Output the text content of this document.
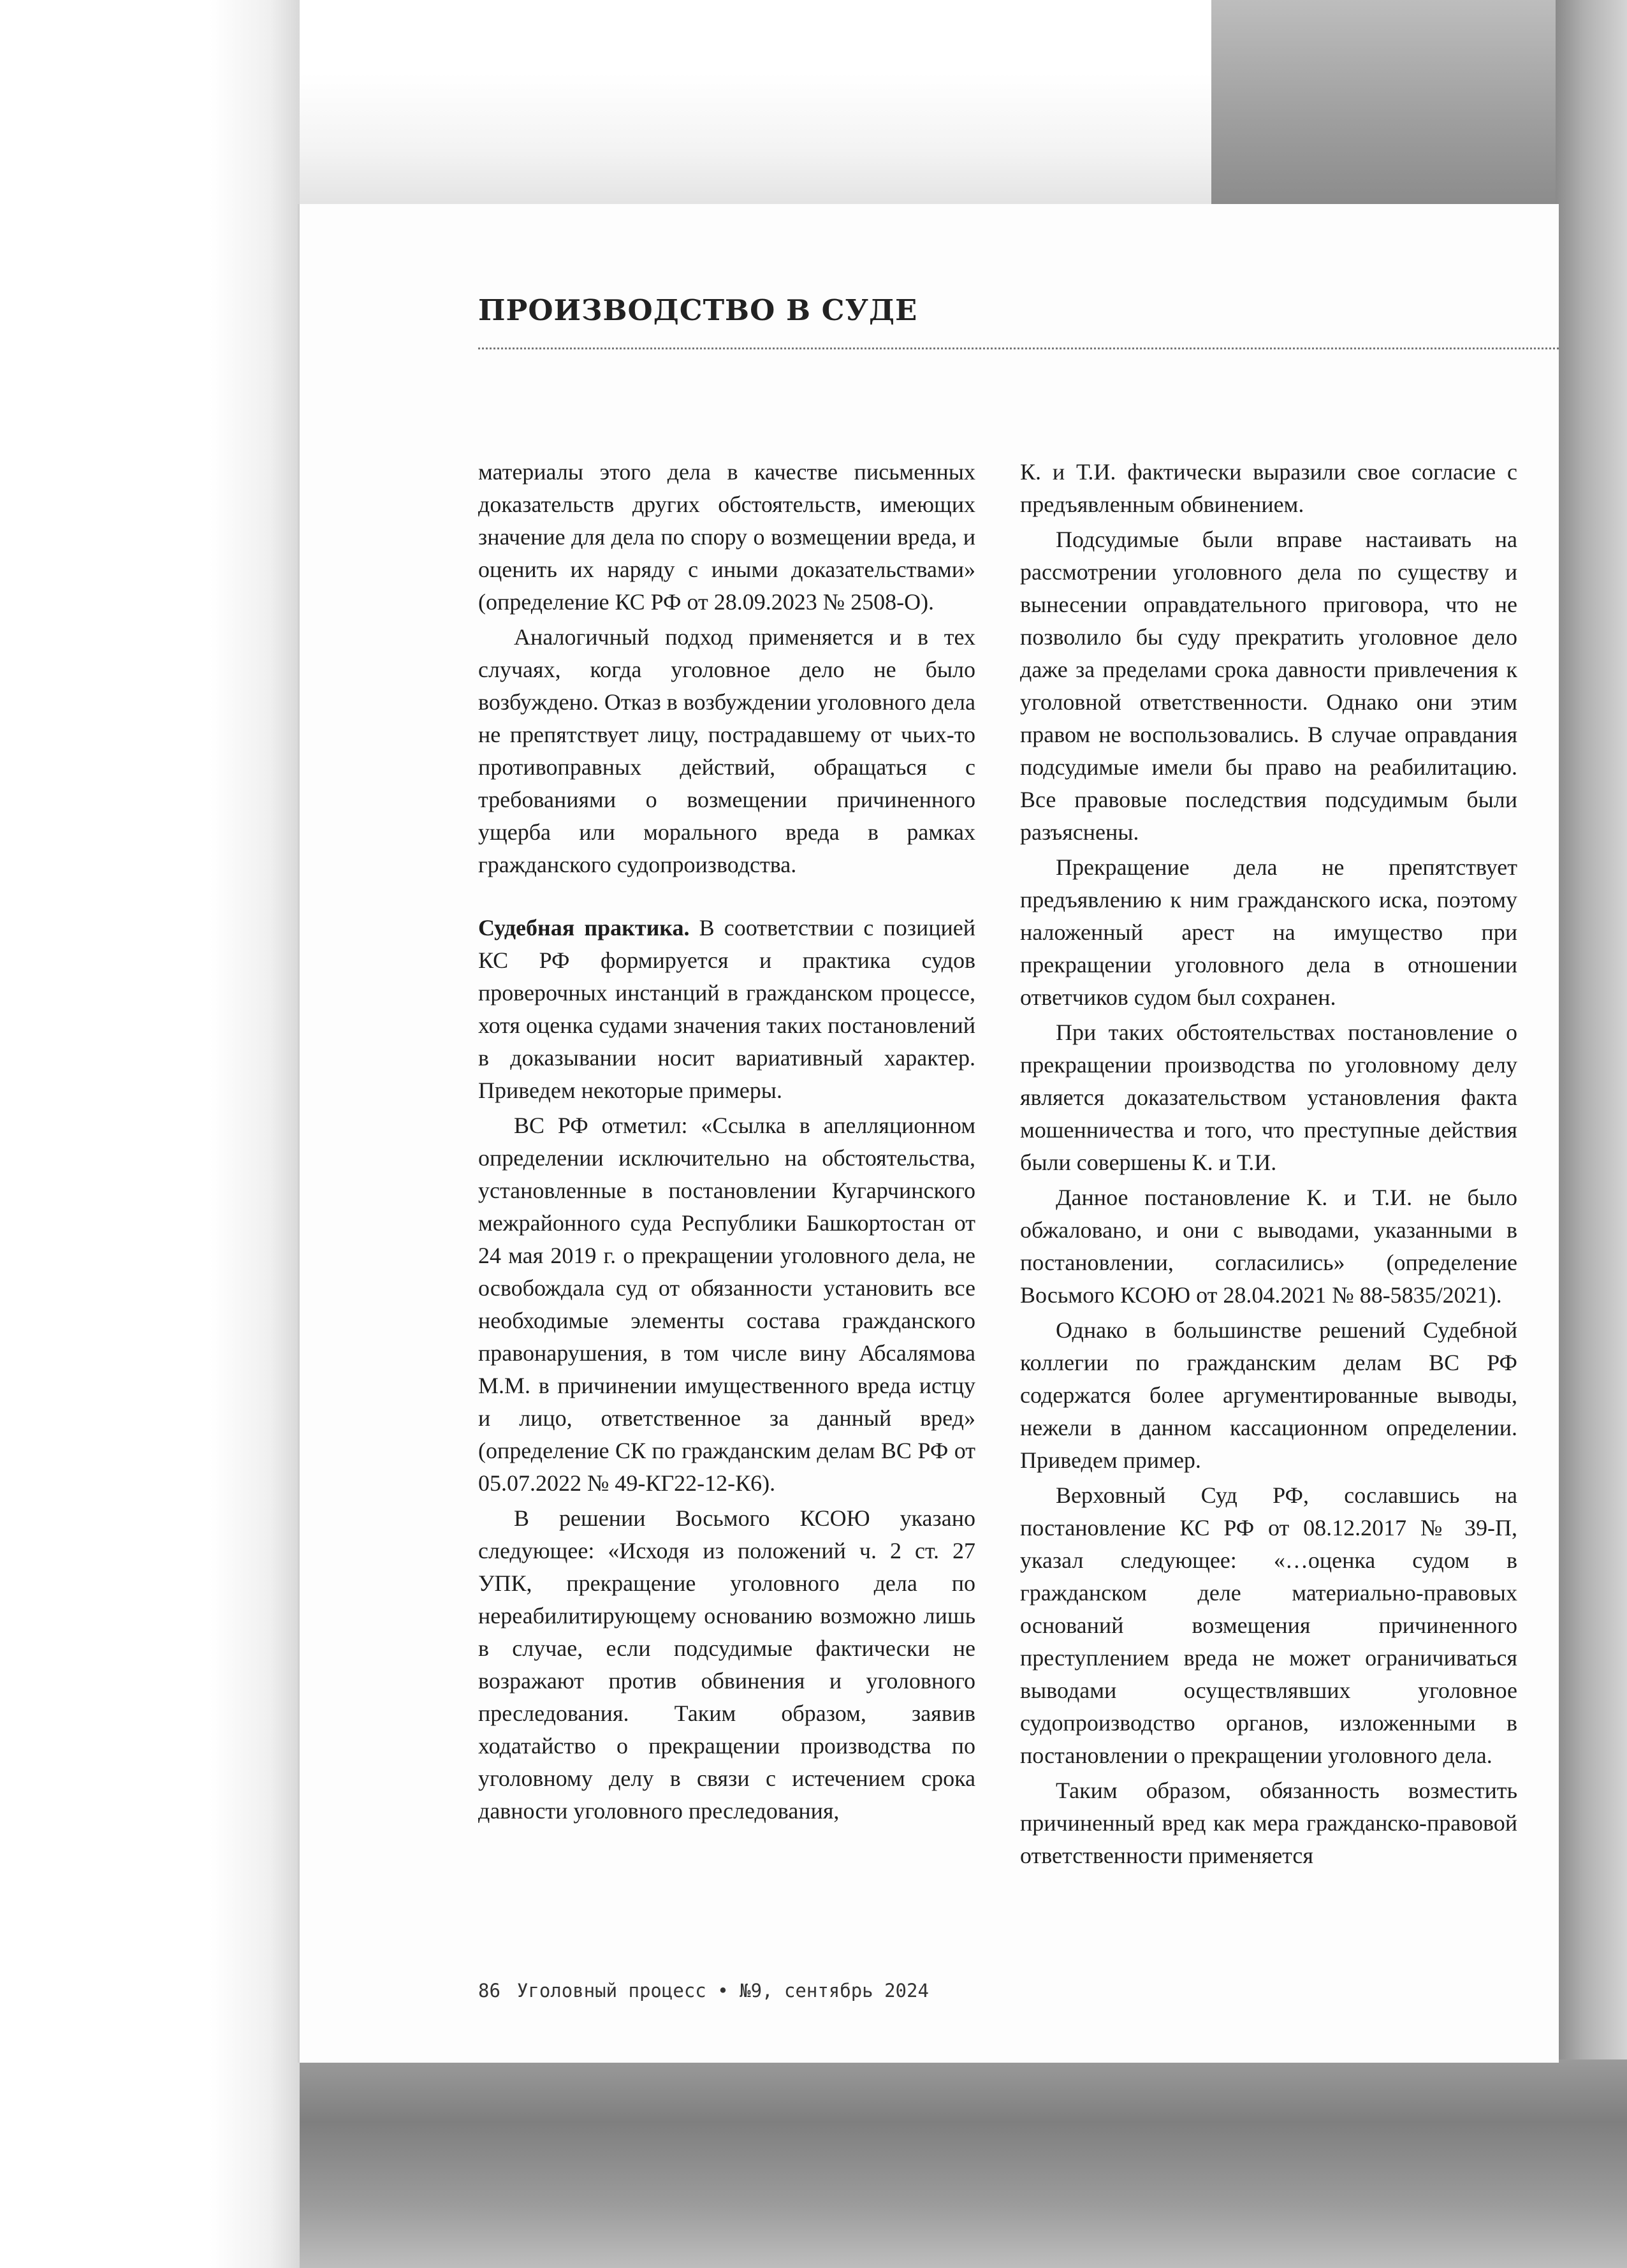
ПРОИЗВОДСТВО В СУДЕ

материалы этого дела в качестве письменных доказательств других обстоятельств, имеющих значение для дела по спору о возмещении вреда, и оценить их наряду с иными доказательствами» (определение КС РФ от 28.09.2023 № 2508-О).

Аналогичный подход применяется и в тех случаях, когда уголовное дело не было возбуждено. Отказ в возбуждении уголовного дела не препятствует лицу, пострадавшему от чьих-то противоправных действий, обращаться с требованиями о возмещении причиненного ущерба или морального вреда в рамках гражданского судопроизводства.

Судебная практика. В соответствии с позицией КС РФ формируется и практика судов проверочных инстанций в гражданском процессе, хотя оценка судами значения таких постановлений в доказывании носит вариативный характер. Приведем некоторые примеры.

ВС РФ отметил: «Ссылка в апелляционном определении исключительно на обстоятельства, установленные в постановлении Кугарчинского межрайонного суда Республики Башкортостан от 24 мая 2019 г. о прекращении уголовного дела, не освобождала суд от обязанности установить все необходимые элементы состава гражданского правонарушения, в том числе вину Абсалямова М.М. в причинении имущественного вреда истцу и лицо, ответственное за данный вред» (определение СК по гражданским делам ВС РФ от 05.07.2022 № 49-КГ22-12-К6).

В решении Восьмого КСОЮ указано следующее: «Исходя из положений ч. 2 ст. 27 УПК, прекращение уголовного дела по нереабилитирующему основанию возможно лишь в случае, если подсудимые фактически не возражают против обвинения и уголовного преследования. Таким образом, заявив ходатайство о прекращении производства по уголовному делу в связи с истечением срока давности уголовного преследования,

К. и Т.И. фактически выразили свое согласие с предъявленным обвинением.

Подсудимые были вправе настаивать на рассмотрении уголовного дела по существу и вынесении оправдательного приговора, что не позволило бы суду прекратить уголовное дело даже за пределами срока давности привлечения к уголовной ответственности. Однако они этим правом не воспользовались. В случае оправдания подсудимые имели бы право на реабилитацию. Все правовые последствия подсудимым были разъяснены.

Прекращение дела не препятствует предъявлению к ним гражданского иска, поэтому наложенный арест на имущество при прекращении уголовного дела в отношении ответчиков судом был сохранен.

При таких обстоятельствах постановление о прекращении производства по уголовному делу является доказательством установления факта мошенничества и того, что преступные действия были совершены К. и Т.И.

Данное постановление К. и Т.И. не было обжаловано, и они с выводами, указанными в постановлении, согласились» (определение Восьмого КСОЮ от 28.04.2021 № 88-5835/2021).

Однако в большинстве решений Судебной коллегии по гражданским делам ВС РФ содержатся более аргументированные выводы, нежели в данном кассационном определении. Приведем пример.

Верховный Суд РФ, сославшись на постановление КС РФ от 08.12.2017 № 39-П, указал следующее: «…оценка судом в гражданском деле материально-правовых оснований возмещения причиненного преступлением вреда не может ограничиваться выводами осуществлявших уголовное судопроизводство органов, изложенными в постановлении о прекращении уголовного дела.

Таким образом, обязанность возместить причиненный вред как мера гражданско-правовой ответственности применяется

86 Уголовный процесс • №9, сентябрь 2024
